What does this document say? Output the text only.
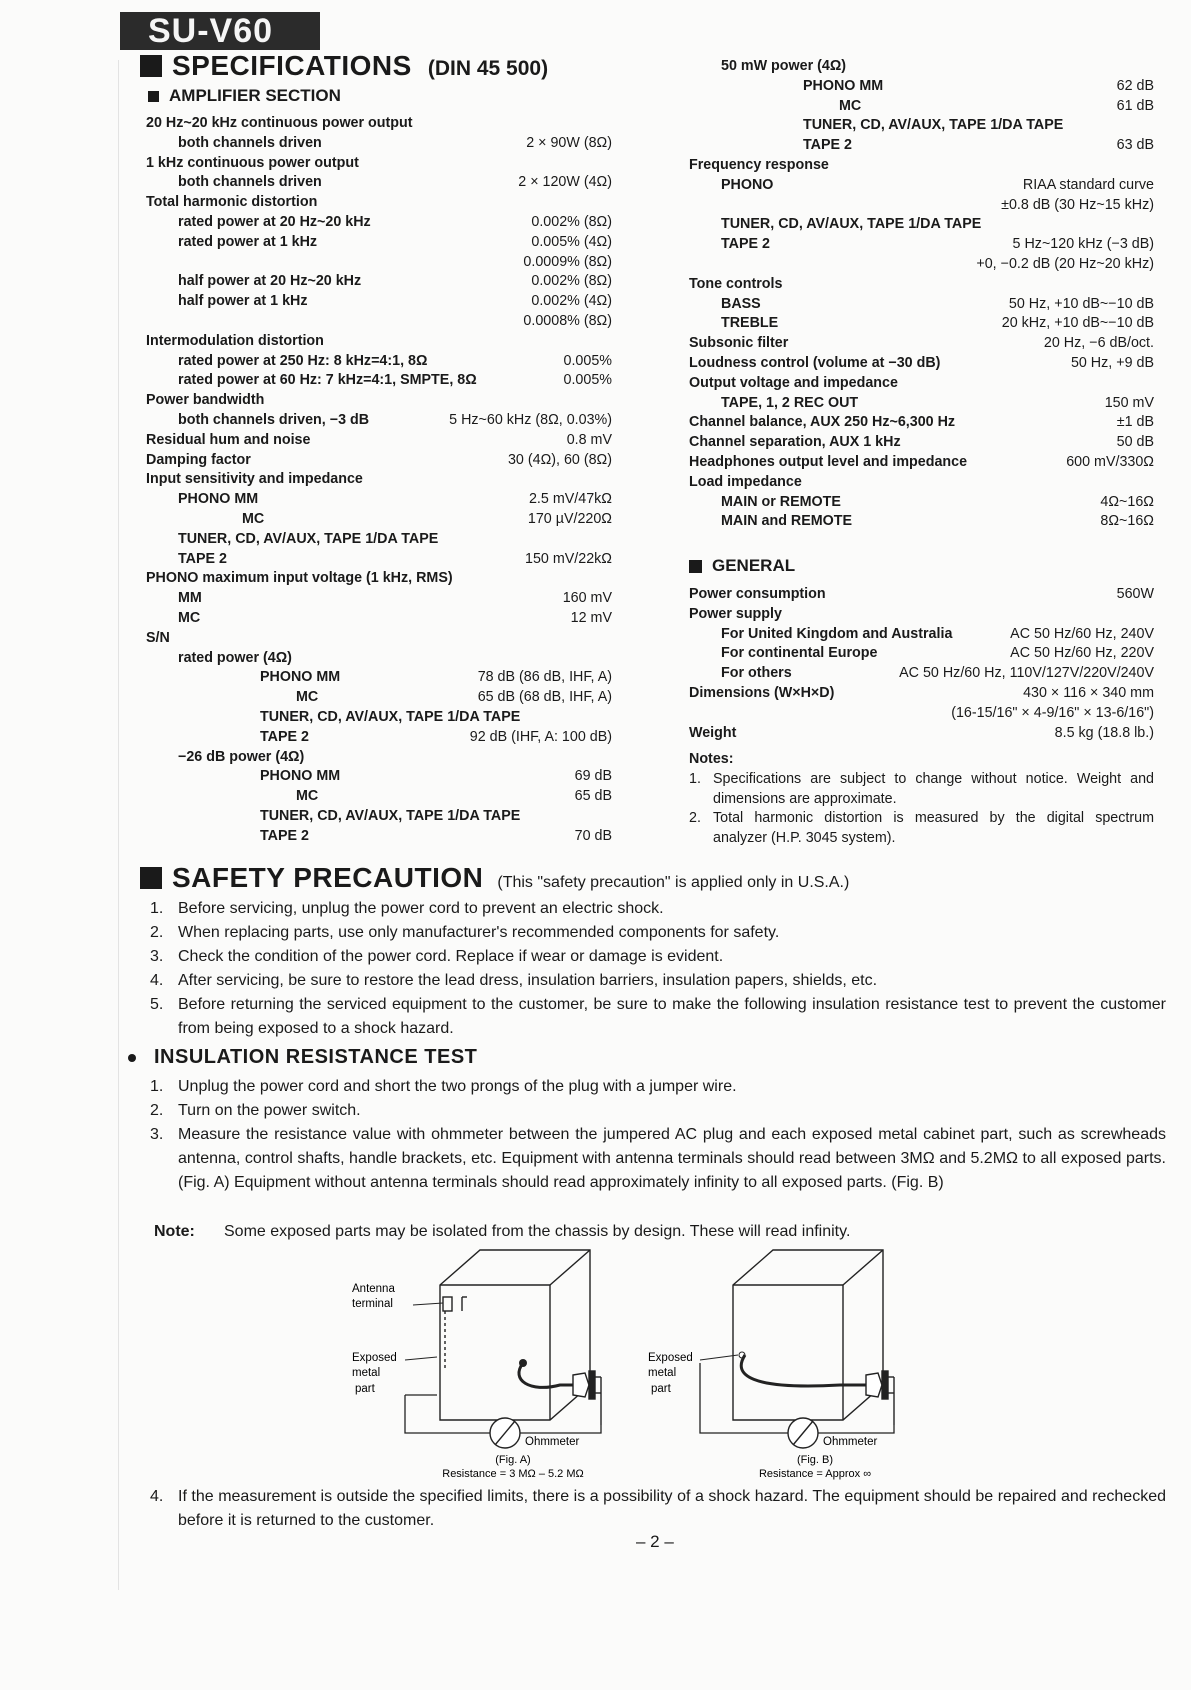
SU-V60
SPECIFICATIONS (DIN 45 500)
AMPLIFIER SECTION
20 Hz~20 kHz continuous power output
both channels driven	2 × 90W (8Ω)
1 kHz continuous power output
both channels driven	2 × 120W (4Ω)
Total harmonic distortion
rated power at 20 Hz~20 kHz	0.002% (8Ω)
rated power at 1 kHz	0.005% (4Ω)
0.0009% (8Ω)
half power at 20 Hz~20 kHz	0.002% (8Ω)
half power at 1 kHz	0.002% (4Ω)
0.0008% (8Ω)
Intermodulation distortion
rated power at 250 Hz: 8 kHz=4:1, 8Ω	0.005%
rated power at 60 Hz: 7 kHz=4:1, SMPTE, 8Ω	0.005%
Power bandwidth
both channels driven, −3 dB	5 Hz~60 kHz (8Ω, 0.03%)
Residual hum and noise	0.8 mV
Damping factor	30 (4Ω), 60 (8Ω)
Input sensitivity and impedance
PHONO MM	2.5 mV/47kΩ
MC	170 µV/220Ω
TUNER, CD, AV/AUX, TAPE 1/DA TAPE
TAPE 2	150 mV/22kΩ
PHONO maximum input voltage (1 kHz, RMS)
MM	160 mV
MC	12 mV
S/N
rated power (4Ω)
PHONO MM	78 dB (86 dB, IHF, A)
MC	65 dB (68 dB, IHF, A)
TUNER, CD, AV/AUX, TAPE 1/DA TAPE
TAPE 2	92 dB (IHF, A: 100 dB)
−26 dB power (4Ω)
PHONO MM	69 dB
MC	65 dB
TUNER, CD, AV/AUX, TAPE 1/DA TAPE
TAPE 2	70 dB
50 mW power (4Ω)
PHONO MM	62 dB
MC	61 dB
TUNER, CD, AV/AUX, TAPE 1/DA TAPE
TAPE 2	63 dB
Frequency response
PHONO	RIAA standard curve
±0.8 dB (30 Hz~15 kHz)
TUNER, CD, AV/AUX, TAPE 1/DA TAPE
TAPE 2	5 Hz~120 kHz (−3 dB)
+0, −0.2 dB (20 Hz~20 kHz)
Tone controls
BASS	50 Hz, +10 dB~−10 dB
TREBLE	20 kHz, +10 dB~−10 dB
Subsonic filter	20 Hz, −6 dB/oct.
Loudness control (volume at −30 dB)	50 Hz, +9 dB
Output voltage and impedance
TAPE, 1, 2 REC OUT	150 mV
Channel balance, AUX 250 Hz~6,300 Hz	±1 dB
Channel separation, AUX 1 kHz	50 dB
Headphones output level and impedance	600 mV/330Ω
Load impedance
MAIN or REMOTE	4Ω~16Ω
MAIN and REMOTE	8Ω~16Ω
GENERAL
Power consumption	560W
Power supply
For United Kingdom and Australia	AC 50 Hz/60 Hz, 240V
For continental Europe	AC 50 Hz/60 Hz, 220V
For others	AC 50 Hz/60 Hz, 110V/127V/220V/240V
Dimensions (W×H×D)	430 × 116 × 340 mm
(16-15/16" × 4-9/16" × 13-6/16")
Weight	8.5 kg (18.8 lb.)
Notes:
1. Specifications are subject to change without notice. Weight and dimensions are approximate.
2. Total harmonic distortion is measured by the digital spectrum analyzer (H.P. 3045 system).
SAFETY PRECAUTION (This "safety precaution" is applied only in U.S.A.)
1. Before servicing, unplug the power cord to prevent an electric shock.
2. When replacing parts, use only manufacturer's recommended components for safety.
3. Check the condition of the power cord. Replace if wear or damage is evident.
4. After servicing, be sure to restore the lead dress, insulation barriers, insulation papers, shields, etc.
5. Before returning the serviced equipment to the customer, be sure to make the following insulation resistance test to prevent the customer from being exposed to a shock hazard.
INSULATION RESISTANCE TEST
1. Unplug the power cord and short the two prongs of the plug with a jumper wire.
2. Turn on the power switch.
3. Measure the resistance value with ohmmeter between the jumpered AC plug and each exposed metal cabinet part, such as screwheads antenna, control shafts, handle brackets, etc. Equipment with antenna terminals should read between 3MΩ and 5.2MΩ to all exposed parts. (Fig. A) Equipment without antenna terminals should read approximately infinity to all exposed parts. (Fig. B)
Note:	Some exposed parts may be isolated from the chassis by design. These will read infinity.
Antenna
terminal
Exposed
metal
part
Ohmmeter
(Fig. A)
Resistance = 3 MΩ – 5.2 MΩ
Exposed
metal
part
Ohmmeter
(Fig. B)
Resistance = Approx ∞
4. If the measurement is outside the specified limits, there is a possibility of a shock hazard. The equipment should be repaired and rechecked before it is returned to the customer.
– 2 –
